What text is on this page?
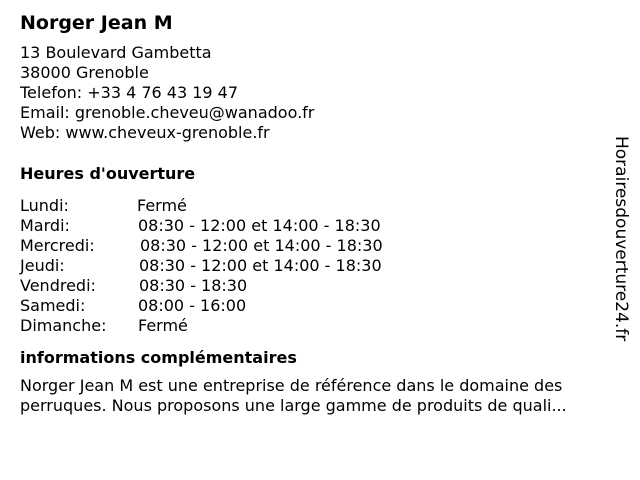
Norger Jean M
13 Boulevard Gambetta
38000 Grenoble
Telefon: +33 4 76 43 19 47
Email: grenoble.cheveu@wanadoo.fr
Web: www.cheveux-grenoble.fr
Heures d'ouverture
Lundi:	Fermé
Mardi:	08:30 - 12:00 et 14:00 - 18:30
Mercredi:	08:30 - 12:00 et 14:00 - 18:30
Jeudi:	08:30 - 12:00 et 14:00 - 18:30
Vendredi:	08:30 - 18:30
Samedi:	08:00 - 16:00
Dimanche: Fermé
informations complémentaires
Norger Jean M est une entreprise de référence dans le domaine des
perruques. Nous proposons une large gamme de produits de quali...
Horairesdouverture24.fr
